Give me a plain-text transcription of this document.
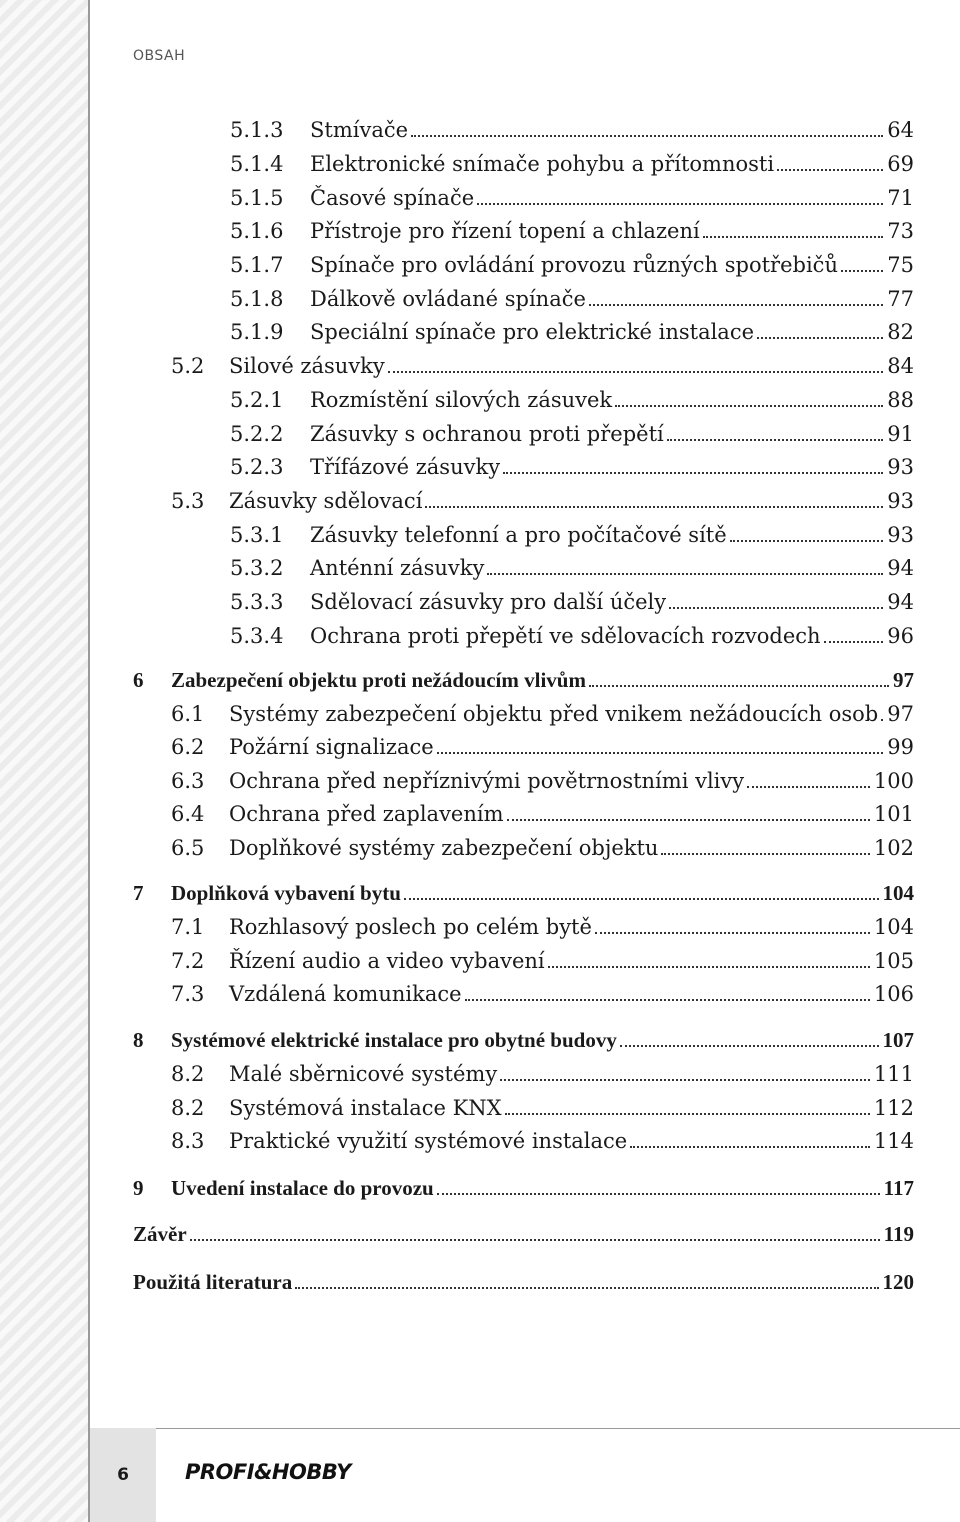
OBSAH
5.1.3	Stmívače	64
5.1.4	Elektronické snímače pohybu a přítomnosti	69
5.1.5	Časové spínače	71
5.1.6	Přístroje pro řízení topení a chlazení	73
5.1.7	Spínače pro ovládání provozu různých spotřebičů 75
5.1.8	Dálkově ovládané spínače	77
5.1.9	Speciální spínače pro elektrické instalace	82
5.2	Silové zásuvky	84
5.2.1	Rozmístění silových zásuvek	88
5.2.2	Zásuvky s ochranou proti přepětí	91
5.2.3	Třífázové zásuvky	93
5.3	Zásuvky sdělovací	93
5.3.1	Zásuvky telefonní a pro počítačové sítě	93
5.3.2	Anténní zásuvky	94
5.3.3	Sdělovací zásuvky pro další účely	94
5.3.4	Ochrana proti přepětí ve sdělovacích rozvodech	96
6	Zabezpečení objektu proti nežádoucím vlivům	97
6.1	Systémy zabezpečení objektu před vnikem nežádoucích osob 97
6.2	Požární signalizace	99
6.3	Ochrana před nepříznivými povětrnostními vlivy	100
6.4	Ochrana před zaplavením	101
6.5	Doplňkové systémy zabezpečení objektu	102
7	Doplňková vybavení bytu	104
7.1	Rozhlasový poslech po celém bytě	104
7.2	Řízení audio a video vybavení	105
7.3	Vzdálená komunikace	106
8	Systémové elektrické instalace pro obytné budovy	107
8.2	Malé sběrnicové systémy	111
8.2	Systémová instalace KNX	112
8.3	Praktické využití systémové instalace	114
9	Uvedení instalace do provozu	117
Závěr	119
Použitá literatura	120
6	PROFI&HOBBY
